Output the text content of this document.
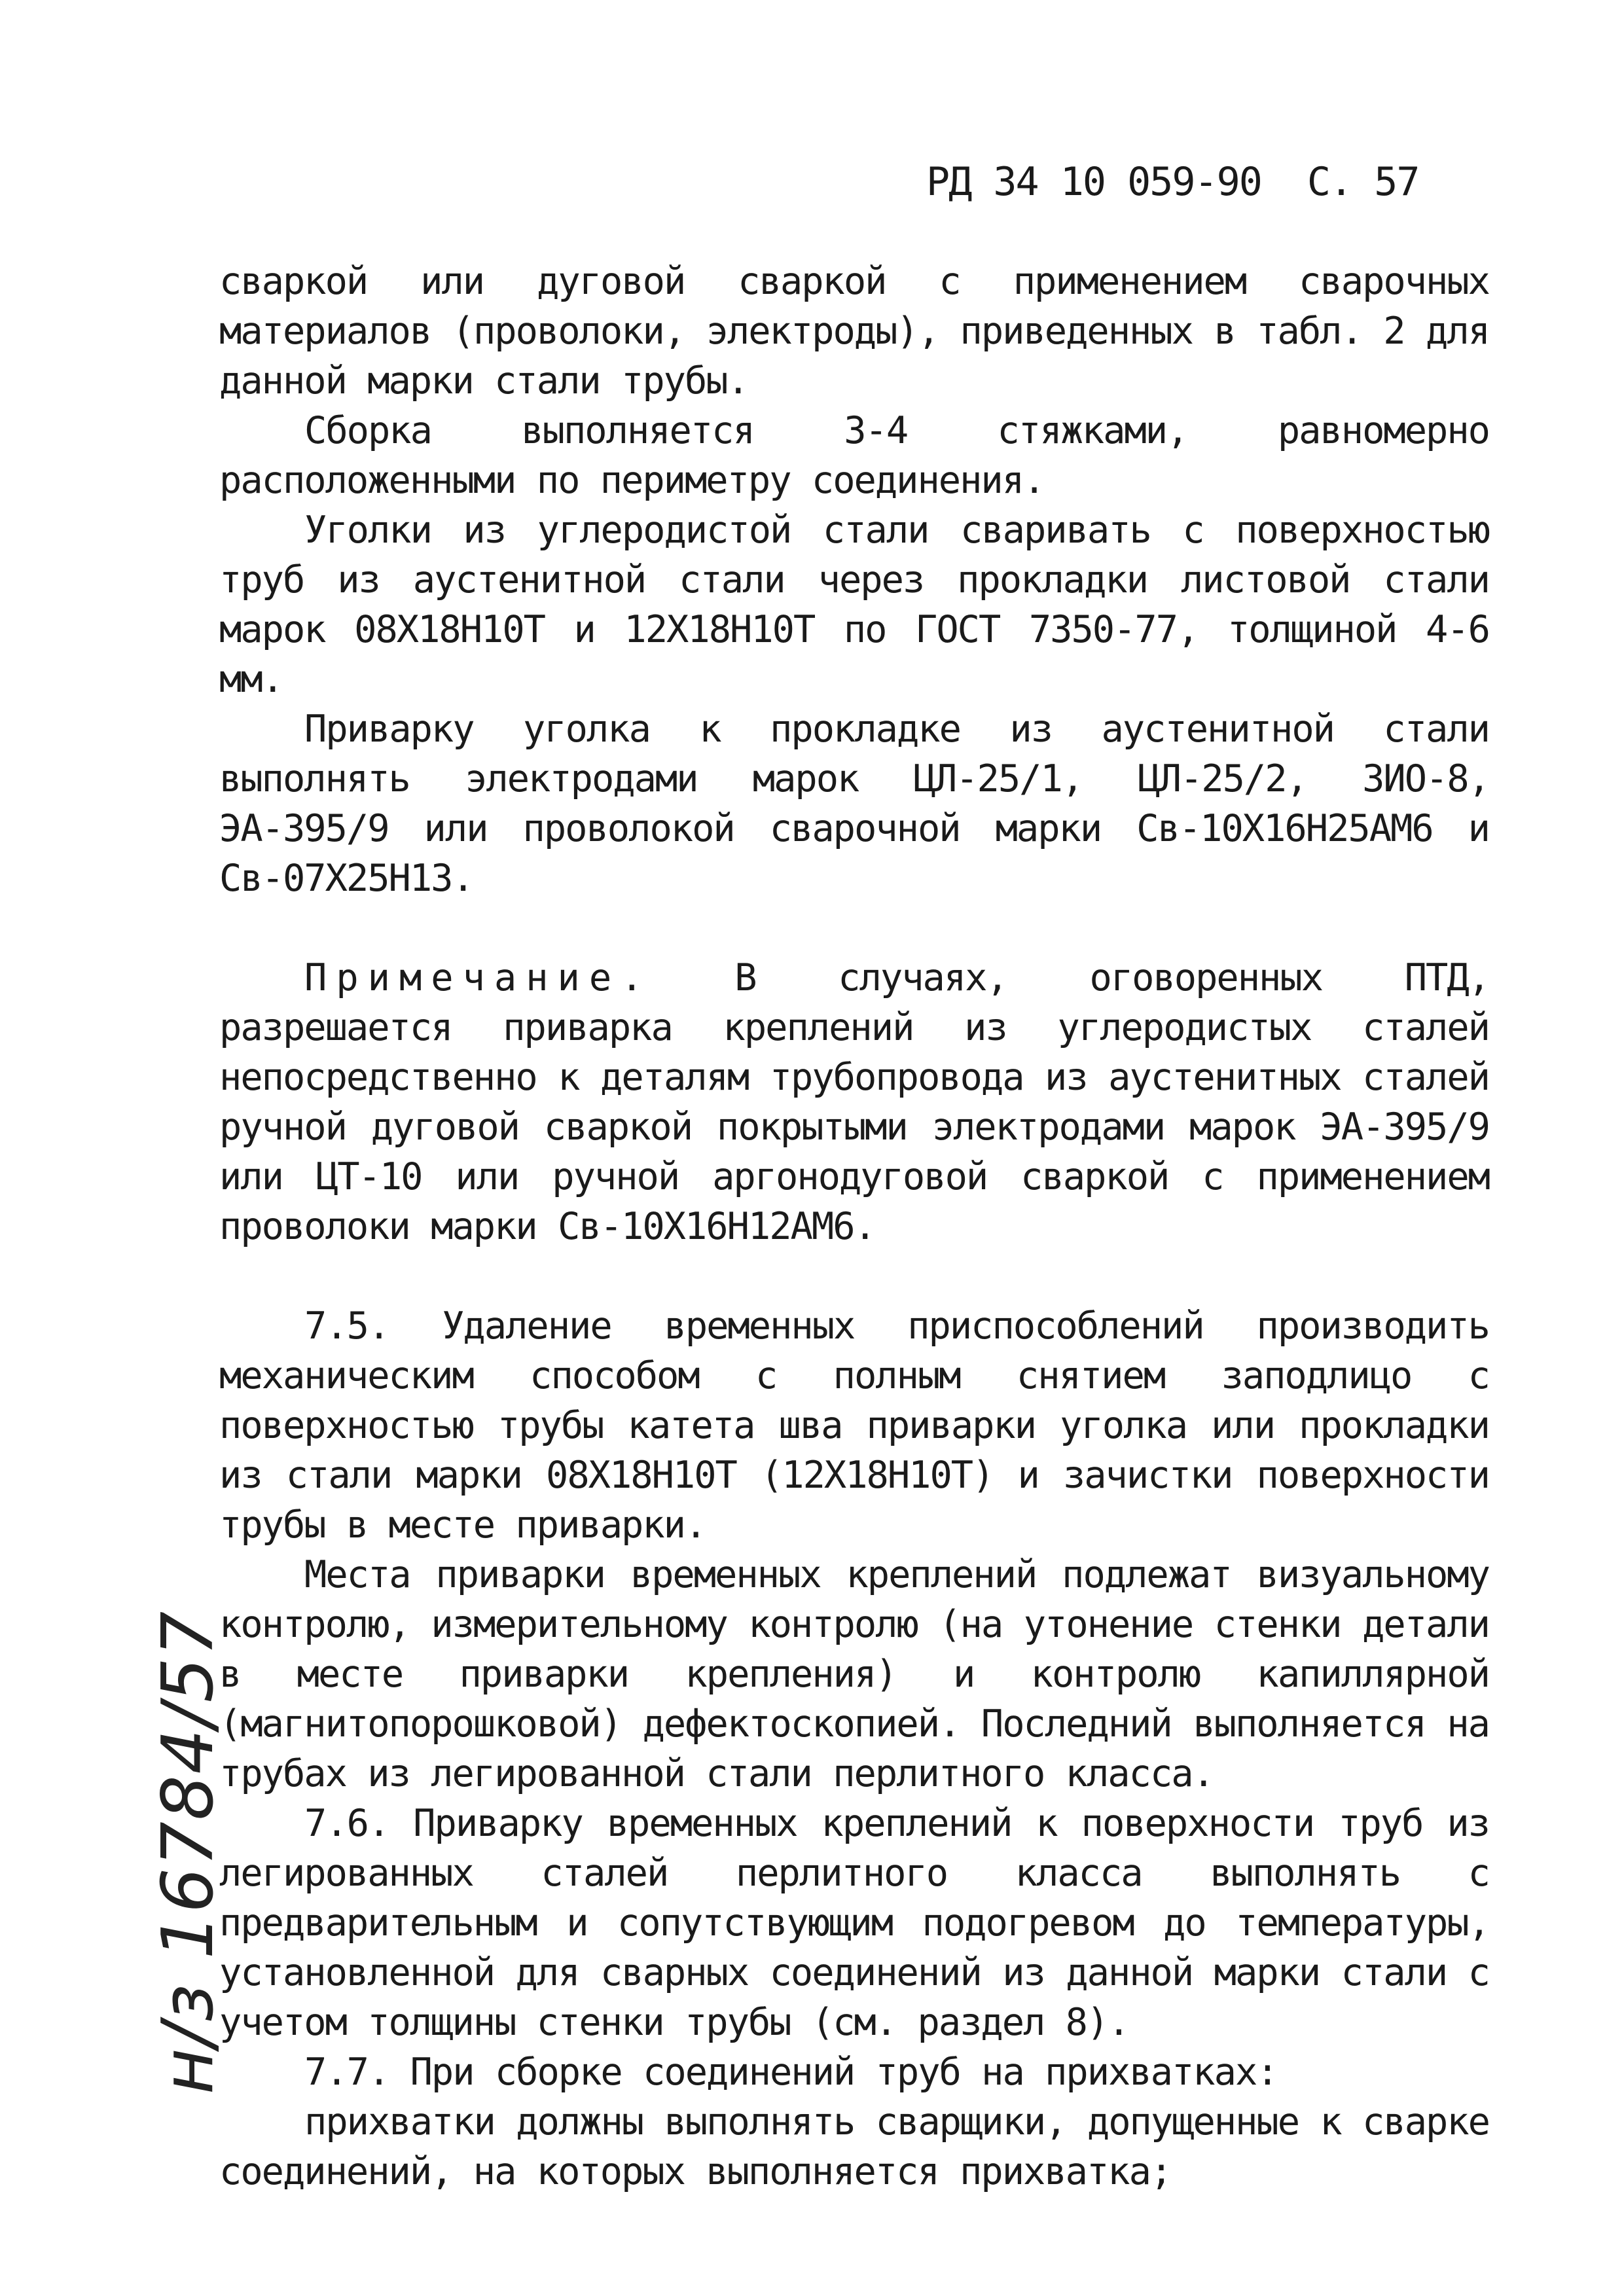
РД 34 10 059-90 С. 57

сваркой или дуговой сваркой с применением сварочных материалов (проволоки, электроды), приведенных в табл. 2 для данной марки стали трубы.

Сборка выполняется 3-4 стяжками, равномерно расположенными по периметру соединения.

Уголки из углеродистой стали сваривать с поверхностью труб из аустенитной стали через прокладки листовой стали марок 08Х18Н10Т и 12Х18Н10Т по ГОСТ 7350-77, толщиной 4-6 мм.

Приварку уголка к прокладке из аустенитной стали выполнять электродами марок ЦЛ-25/1, ЦЛ-25/2, ЗИО-8, ЭА-395/9 или проволокой сварочной марки Св-10Х16Н25АМ6 и Св-07Х25Н13.

Примечание. В случаях, оговоренных ПТД, разрешается приварка креплений из углеродистых сталей непосредственно к деталям трубопровода из аустенитных сталей ручной дуговой сваркой покрытыми электродами марок ЭА-395/9 или ЦТ-10 или ручной аргонодуговой сваркой с применением проволоки марки Св-10Х16Н12АМ6.

7.5. Удаление временных приспособлений производить механическим способом с полным снятием заподлицо с поверхностью трубы катета шва приварки уголка или прокладки из стали марки 08Х18Н10Т (12Х18Н10Т) и зачистки поверхности трубы в месте приварки.

Места приварки временных креплений подлежат визуальному контролю, измерительному контролю (на утонение стенки детали в месте приварки крепления) и контролю капиллярной (магнитопорошковой) дефектоскопией. Последний выполняется на трубах из легированной стали перлитного класса.

7.6. Приварку временных креплений к поверхности труб из легированных сталей перлитного класса выполнять с предварительным и сопутствующим подогревом до температуры, установленной для сварных соединений из данной марки стали с учетом толщины стенки трубы (см. раздел 8).

7.7. При сборке соединений труб на прихватках:

прихватки должны выполнять сварщики, допущенные к сварке соединений, на которых выполняется прихватка;

н/з 16784/57
